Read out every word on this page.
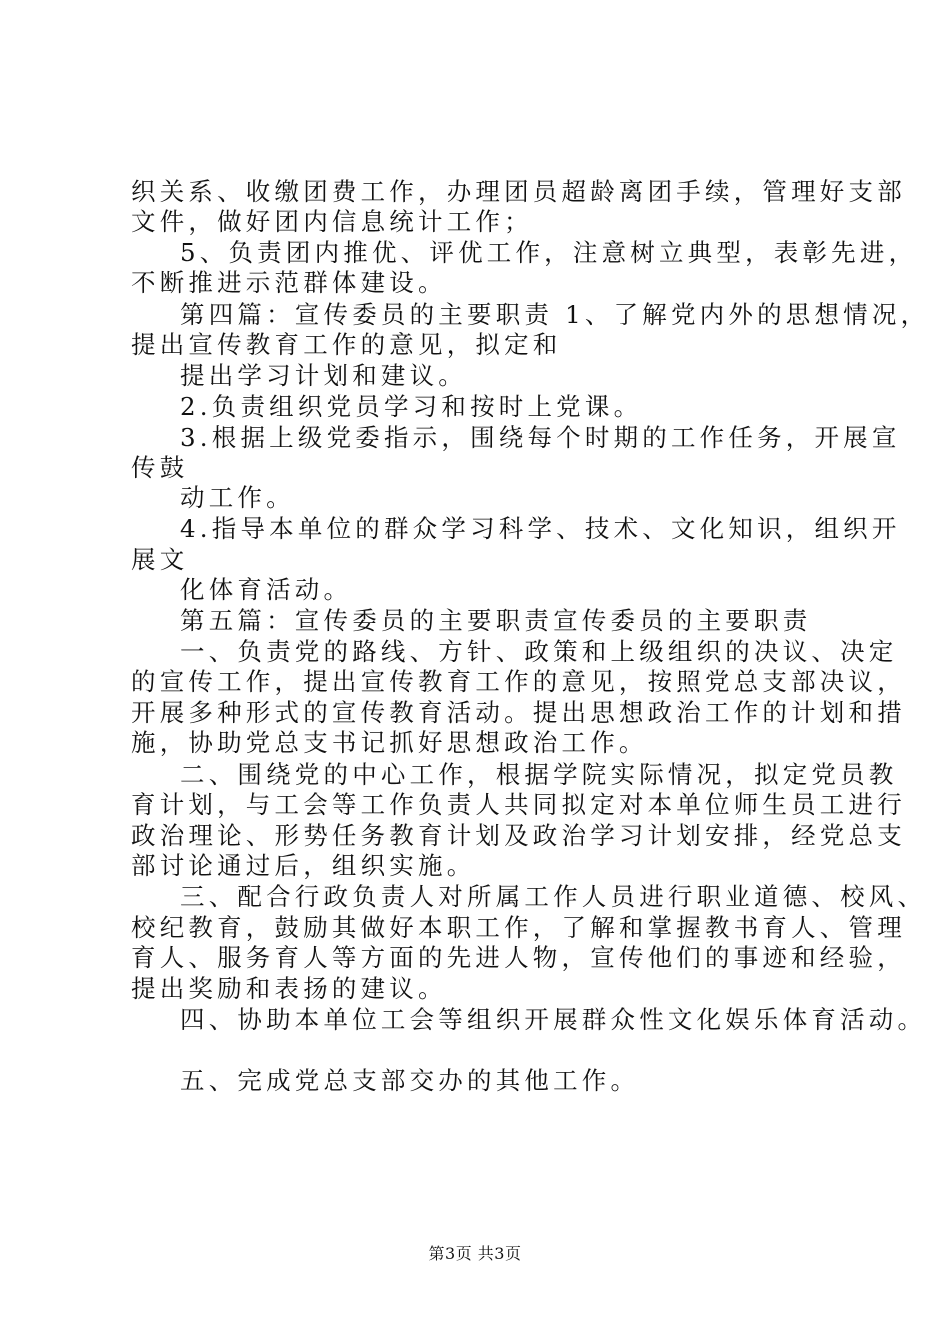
织关系、收缴团费工作，办理团员超龄离团手续，管理好支部
文件，做好团内信息统计工作；
5、负责团内推优、评优工作，注意树立典型，表彰先进，
不断推进示范群体建设。
第四篇：宣传委员的主要职责 1、了解党内外的思想情况，
提出宣传教育工作的意见，拟定和
提出学习计划和建议。
2.负责组织党员学习和按时上党课。
3.根据上级党委指示，围绕每个时期的工作任务，开展宣
传鼓
动工作。
4.指导本单位的群众学习科学、技术、文化知识，组织开
展文
化体育活动。
第五篇：宣传委员的主要职责宣传委员的主要职责
一、负责党的路线、方针、政策和上级组织的决议、决定
的宣传工作，提出宣传教育工作的意见，按照党总支部决议，
开展多种形式的宣传教育活动。提出思想政治工作的计划和措
施，协助党总支书记抓好思想政治工作。
二、围绕党的中心工作，根据学院实际情况，拟定党员教
育计划，与工会等工作负责人共同拟定对本单位师生员工进行
政治理论、形势任务教育计划及政治学习计划安排，经党总支
部讨论通过后，组织实施。
三、配合行政负责人对所属工作人员进行职业道德、校风、
校纪教育，鼓励其做好本职工作，了解和掌握教书育人、管理
育人、服务育人等方面的先进人物，宣传他们的事迹和经验，
提出奖励和表扬的建议。
四、协助本单位工会等组织开展群众性文化娱乐体育活动。
五、完成党总支部交办的其他工作。
第3页 共3页
